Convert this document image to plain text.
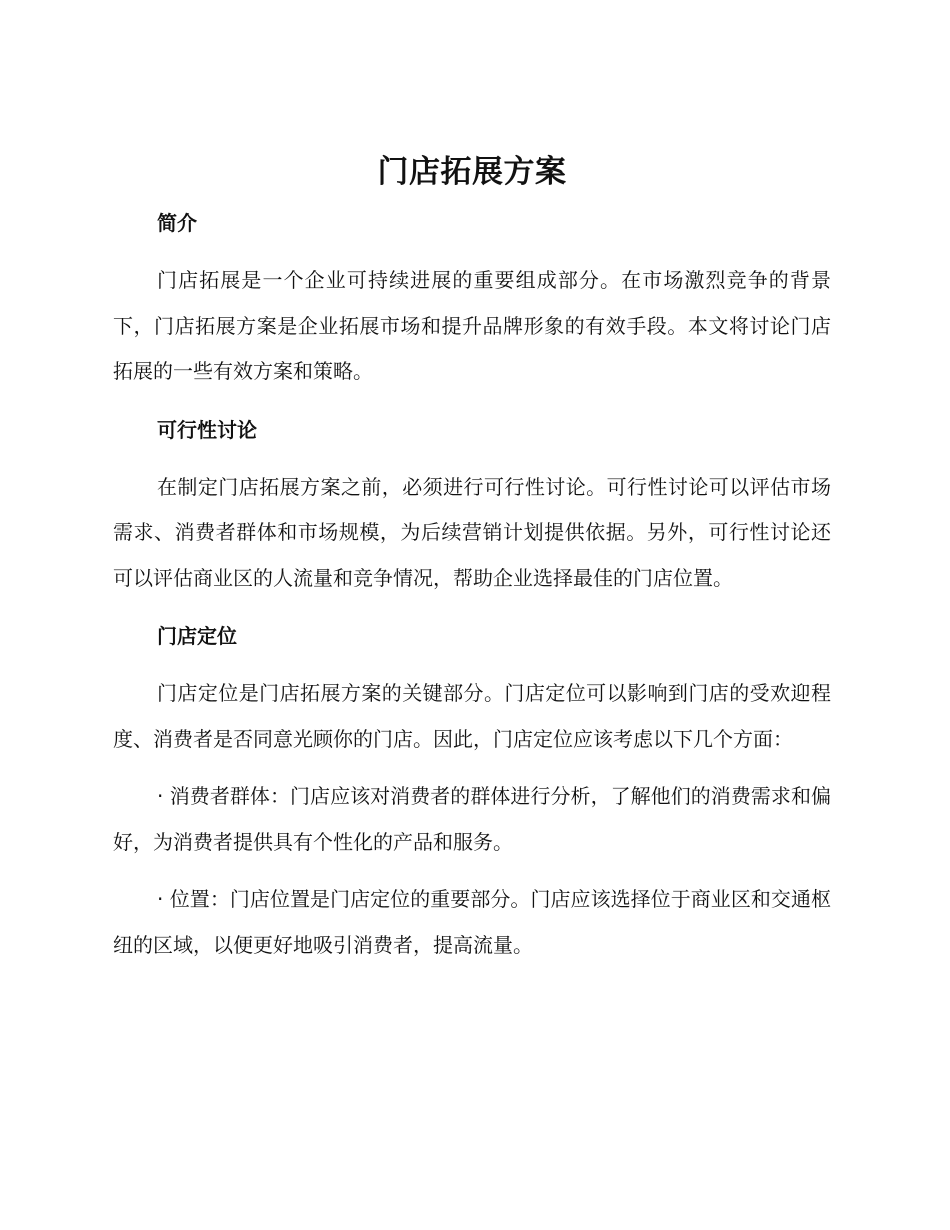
门店拓展方案
简介

门店拓展是一个企业可持续进展的重要组成部分。在市场激烈竞争的背景下，门店拓展方案是企业拓展市场和提升品牌形象的有效手段。本文将讨论门店拓展的一些有效方案和策略。

可行性讨论

在制定门店拓展方案之前，必须进行可行性讨论。可行性讨论可以评估市场需求、消费者群体和市场规模，为后续营销计划提供依据。另外，可行性讨论还可以评估商业区的人流量和竞争情况，帮助企业选择最佳的门店位置。

门店定位

门店定位是门店拓展方案的关键部分。门店定位可以影响到门店的受欢迎程度、消费者是否同意光顾你的门店。因此，门店定位应该考虑以下几个方面：

· 消费者群体：门店应该对消费者的群体进行分析，了解他们的消费需求和偏好，为消费者提供具有个性化的产品和服务。

· 位置：门店位置是门店定位的重要部分。门店应该选择位于商业区和交通枢纽的区域，以便更好地吸引消费者，提高流量。
